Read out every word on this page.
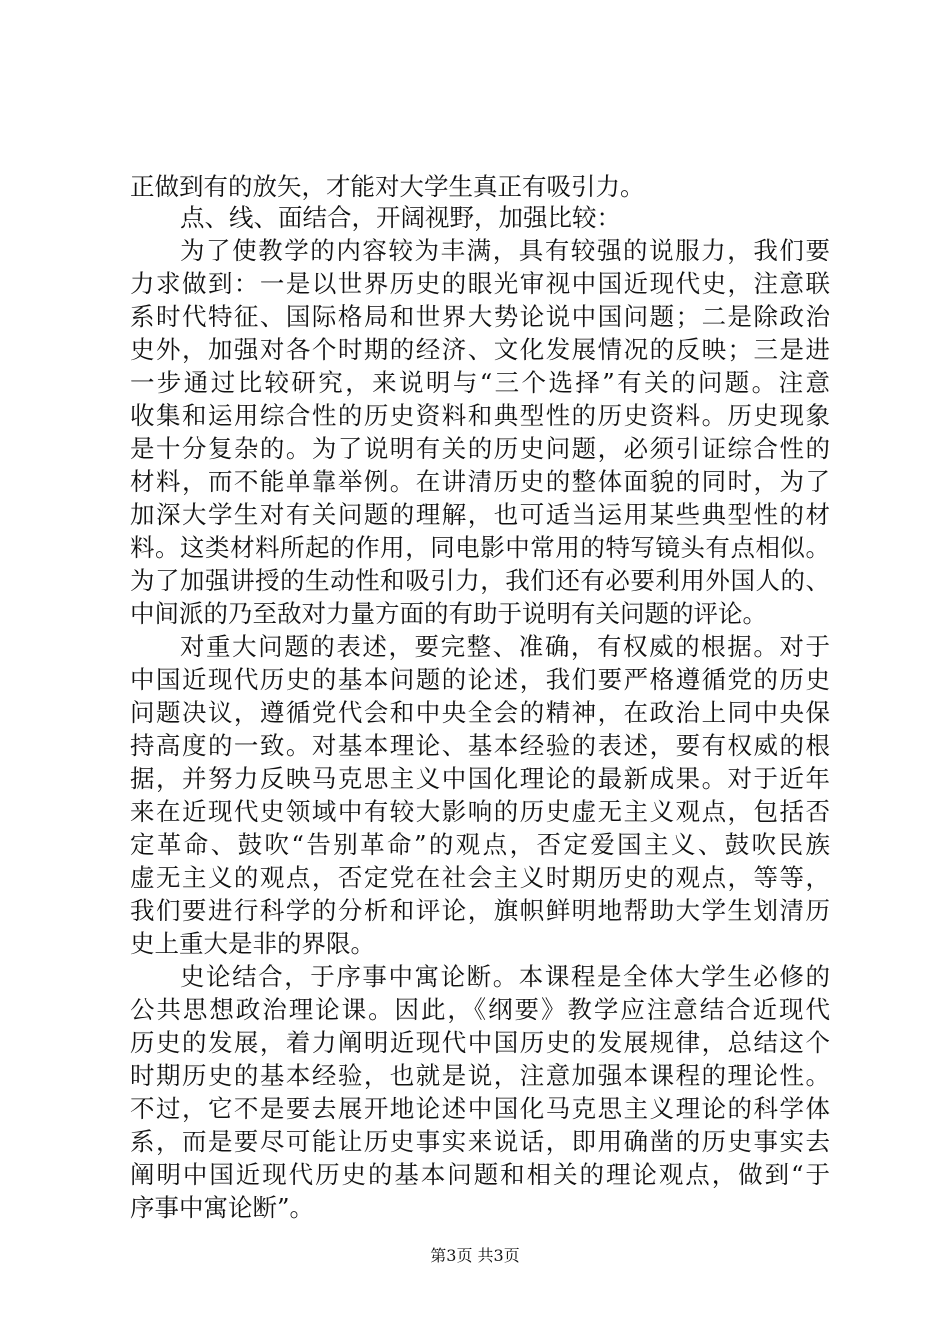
正做到有的放矢，才能对大学生真正有吸引力。
点、线、面结合，开阔视野，加强比较：
为了使教学的内容较为丰满，具有较强的说服力，我们要
力求做到：一是以世界历史的眼光审视中国近现代史，注意联
系时代特征、国际格局和世界大势论说中国问题；二是除政治
史外，加强对各个时期的经济、文化发展情况的反映；三是进
一步通过比较研究，来说明与“三个选择”有关的问题。注意
收集和运用综合性的历史资料和典型性的历史资料。历史现象
是十分复杂的。为了说明有关的历史问题，必须引证综合性的
材料，而不能单靠举例。在讲清历史的整体面貌的同时，为了
加深大学生对有关问题的理解，也可适当运用某些典型性的材
料。这类材料所起的作用，同电影中常用的特写镜头有点相似。
为了加强讲授的生动性和吸引力，我们还有必要利用外国人的、
中间派的乃至敌对力量方面的有助于说明有关问题的评论。
对重大问题的表述，要完整、准确，有权威的根据。对于
中国近现代历史的基本问题的论述，我们要严格遵循党的历史
问题决议，遵循党代会和中央全会的精神，在政治上同中央保
持高度的一致。对基本理论、基本经验的表述，要有权威的根
据，并努力反映马克思主义中国化理论的最新成果。对于近年
来在近现代史领域中有较大影响的历史虚无主义观点，包括否
定革命、鼓吹“告别革命”的观点，否定爱国主义、鼓吹民族
虚无主义的观点，否定党在社会主义时期历史的观点，等等，
我们要进行科学的分析和评论，旗帜鲜明地帮助大学生划清历
史上重大是非的界限。
史论结合，于序事中寓论断。本课程是全体大学生必修的
公共思想政治理论课。因此，《纲要》教学应注意结合近现代
历史的发展，着力阐明近现代中国历史的发展规律，总结这个
时期历史的基本经验，也就是说，注意加强本课程的理论性。
不过，它不是要去展开地论述中国化马克思主义理论的科学体
系，而是要尽可能让历史事实来说话，即用确凿的历史事实去
阐明中国近现代历史的基本问题和相关的理论观点，做到“于
序事中寓论断”。
第3页 共3页
